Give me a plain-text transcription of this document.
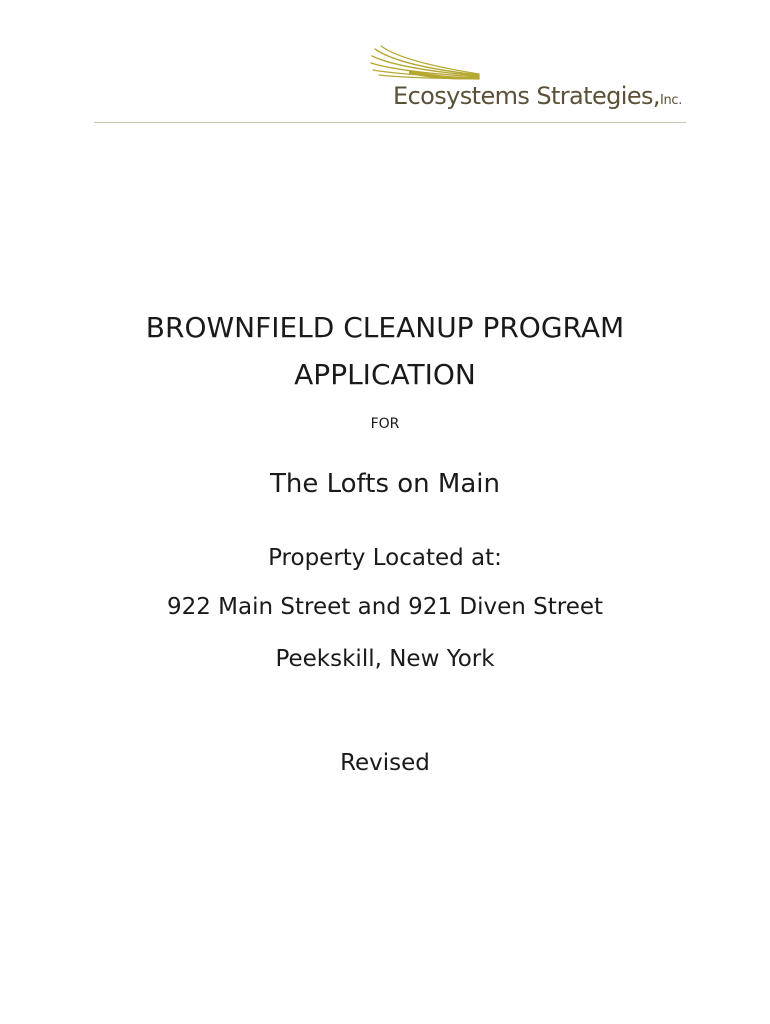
Ecosystems Strategies,Inc.
BROWNFIELD CLEANUP PROGRAM
APPLICATION
FOR
The Lofts on Main
Property Located at:
922 Main Street and 921 Diven Street
Peekskill, New York
Revised
